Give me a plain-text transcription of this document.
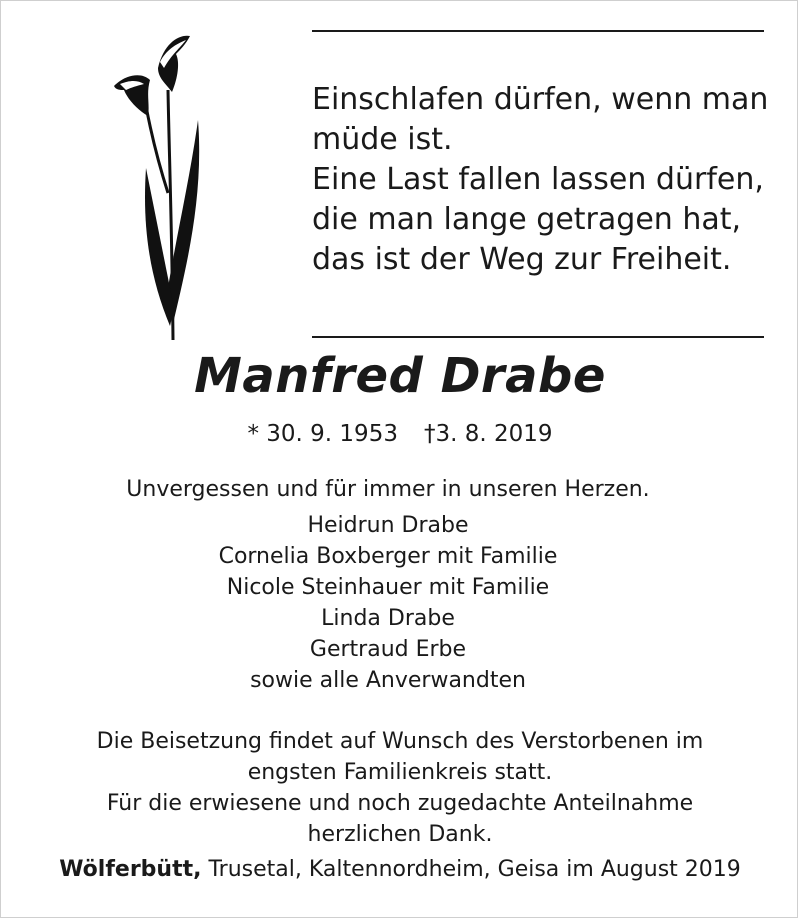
Einschlafen dürfen, wenn man
müde ist.
Eine Last fallen lassen dürfen,
die man lange getragen hat,
das ist der Weg zur Freiheit.
Manfred Drabe
* 30. 9. 1953 †3. 8. 2019
Unvergessen und für immer in unseren Herzen.
Heidrun Drabe
Cornelia Boxberger mit Familie
Nicole Steinhauer mit Familie
Linda Drabe
Gertraud Erbe
sowie alle Anverwandten
Die Beisetzung findet auf Wunsch des Verstorbenen im
engsten Familienkreis statt.
Für die erwiesene und noch zugedachte Anteilnahme
herzlichen Dank.
Wölferbütt, Trusetal, Kaltennordheim, Geisa im August 2019
